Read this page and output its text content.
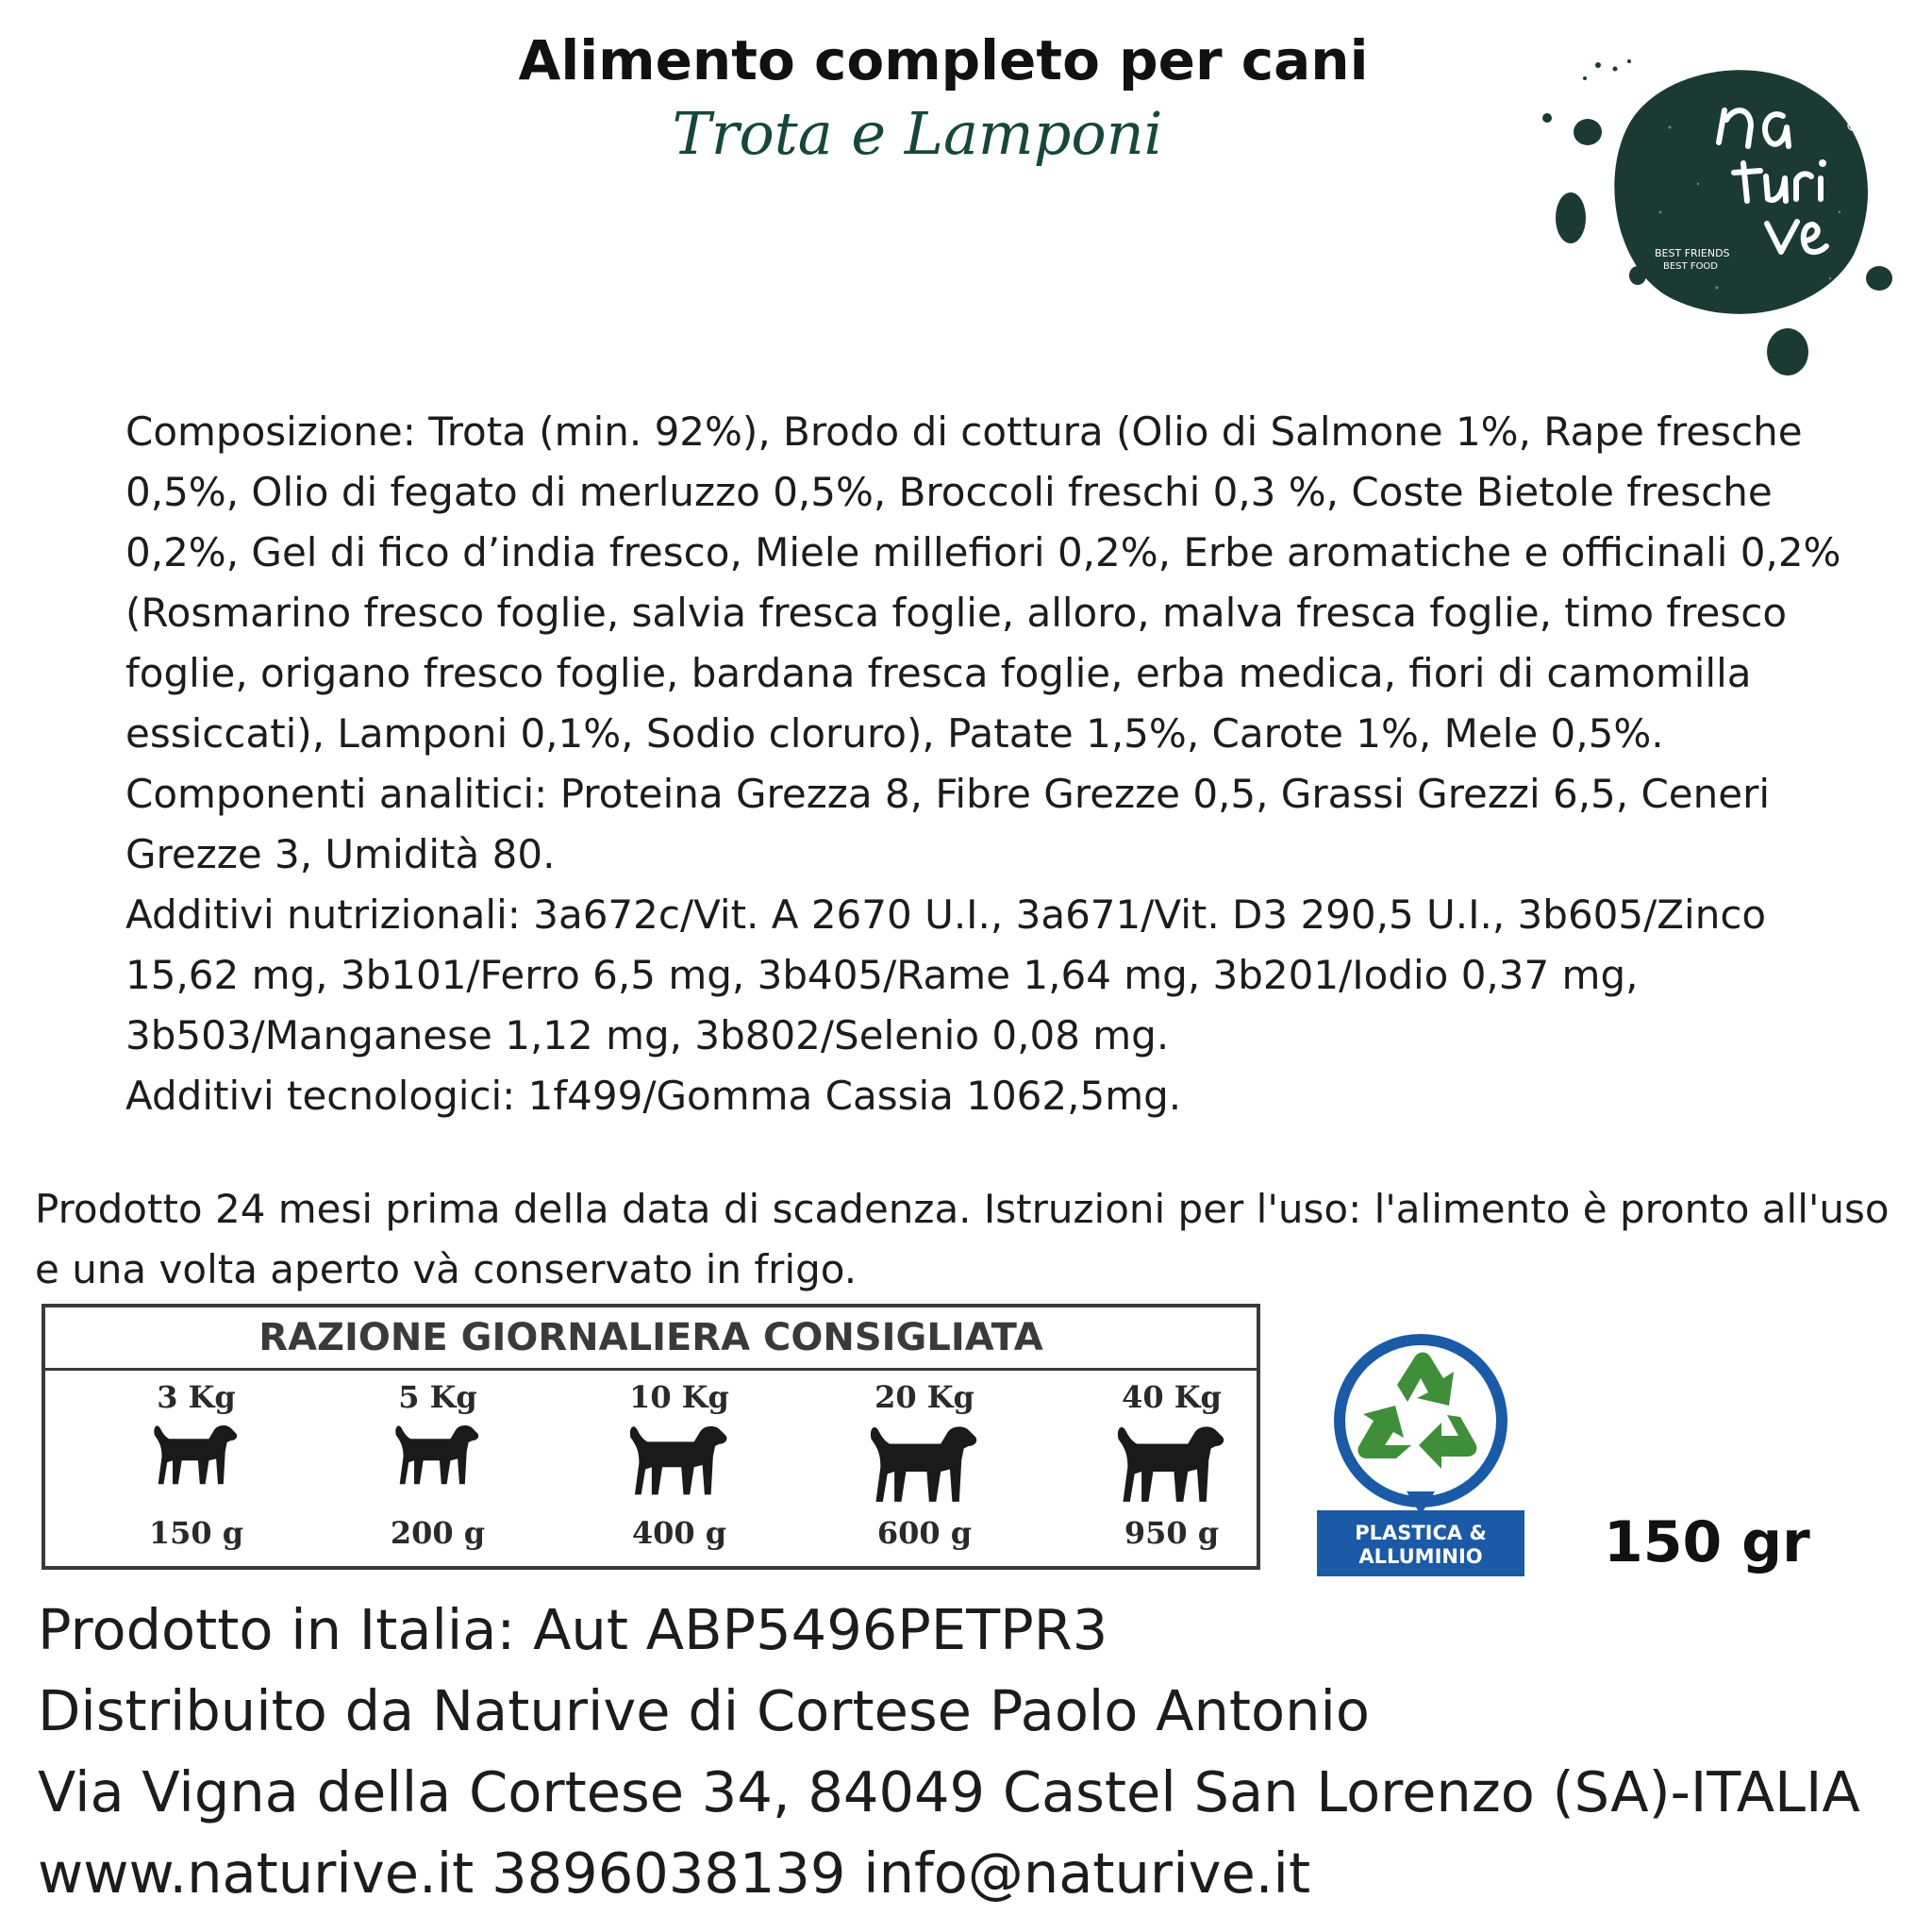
Alimento completo per cani
Trota e Lamponi
BEST FRIENDS
BEST FOOD

Composizione: Trota (min. 92%), Brodo di cottura (Olio di Salmone 1%, Rape fresche 0,5%, Olio di fegato di merluzzo 0,5%, Broccoli freschi 0,3 %, Coste Bietole fresche 0,2%, Gel di fico d’india fresco, Miele millefiori 0,2%, Erbe aromatiche e officinali 0,2% (Rosmarino fresco foglie, salvia fresca foglie, alloro, malva fresca foglie, timo fresco foglie, origano fresco foglie, bardana fresca foglie, erba medica, fiori di camomilla essiccati), Lamponi 0,1%, Sodio cloruro), Patate 1,5%, Carote 1%, Mele 0,5%.

Componenti analitici: Proteina Grezza 8, Fibre Grezze 0,5, Grassi Grezzi 6,5, Ceneri Grezze 3, Umidità 80.

Additivi nutrizionali: 3a672c/Vit. A 2670 U.I., 3a671/Vit. D3 290,5 U.I., 3b605/Zinco 15,62 mg, 3b101/Ferro 6,5 mg, 3b405/Rame 1,64 mg, 3b201/Iodio 0,37 mg, 3b503/Manganese 1,12 mg, 3b802/Selenio 0,08 mg.

Additivi tecnologici: 1f499/Gomma Cassia 1062,5mg.

Prodotto 24 mesi prima della data di scadenza. Istruzioni per l'uso: l'alimento è pronto all'uso e una volta aperto và conservato in frigo.
RAZIONE GIORNALIERA CONSIGLIATA
3 Kg
150 g
5 Kg
200 g
10 Kg
400 g
20 Kg
600 g
40 Kg
950 g	PLASTICA &
ALLUMINIO 150 gr
Prodotto in Italia: Aut ABP5496PETPR3
Distribuito da Naturive di Cortese Paolo Antonio
Via Vigna della Cortese 34, 84049 Castel San Lorenzo (SA)-ITALIA
www.naturive.it 3896038139 info@naturive.it
